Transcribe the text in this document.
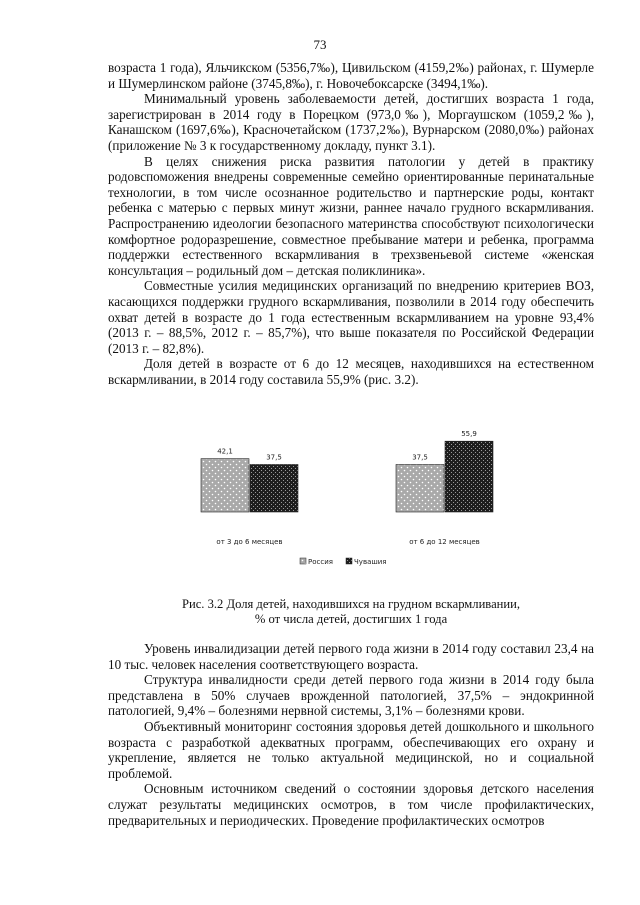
73

возраста 1 года), Яльчикском (5356,7‰), Цивильском (4159,2‰) районах, г. Шумерле и Шумерлинском районе (3745,8‰), г. Новочебоксарске (3494,1‰).

Минимальный уровень заболеваемости детей, достигших возраста 1 года, зарегистрирован в 2014 году в Порецком (973,0‰), Моргаушском (1059,2‰), Канашском (1697,6‰), Красночетайском (1737,2‰), Вурнарском (2080,0‰) районах (приложение № 3 к государственному докладу, пункт 3.1).

В целях снижения риска развития патологии у детей в практику родовспоможения внедрены современные семейно ориентированные перинатальные технологии, в том числе осознанное родительство и партнерские роды, контакт ребенка с матерью с первых минут жизни, раннее начало грудного вскармливания. Распространению идеологии безопасного материнства способствуют психологически комфортное родоразрешение, совместное пребывание матери и ребенка, программа поддержки естественного вскармливания в трехзвеньевой системе «женская консультация – родильный дом – детская поликлиника».

Совместные усилия медицинских организаций по внедрению критериев ВОЗ, касающихся поддержки грудного вскармливания, позволили в 2014 году обеспечить охват детей в возрасте до 1 года естественным вскармливанием на уровне 93,4% (2013 г. – 88,5%, 2012 г. – 85,7%), что выше показателя по Российской Федерации (2013 г. – 82,8%).

Доля детей в возрасте от 6 до 12 месяцев, находившихся на естественном вскармливании, в 2014 году составила 55,9% (рис. 3.2).

42,1
37,5
от 3 до 6 месяцев
37,5
55,9
от 6 до 12 месяцев
Россия	Чувашия
Рис. 3.2 Доля детей, находившихся на грудном вскармливании,
% от числа детей, достигших 1 года

Уровень инвалидизации детей первого года жизни в 2014 году составил 23,4 на 10 тыс. человек населения соответствующего возраста.

Структура инвалидности среди детей первого года жизни в 2014 году была представлена в 50% случаев врожденной патологией, 37,5% – эндокринной патологией, 9,4% – болезнями нервной системы, 3,1% – болезнями крови.

Объективный мониторинг состояния здоровья детей дошкольного и школьного возраста с разработкой адекватных программ, обеспечивающих его охрану и укрепление, является не только актуальной медицинской, но и социальной проблемой.

Основным источником сведений о состоянии здоровья детского населения служат результаты медицинских осмотров, в том числе профилактических, предварительных и периодических. Проведение профилактических осмотров
